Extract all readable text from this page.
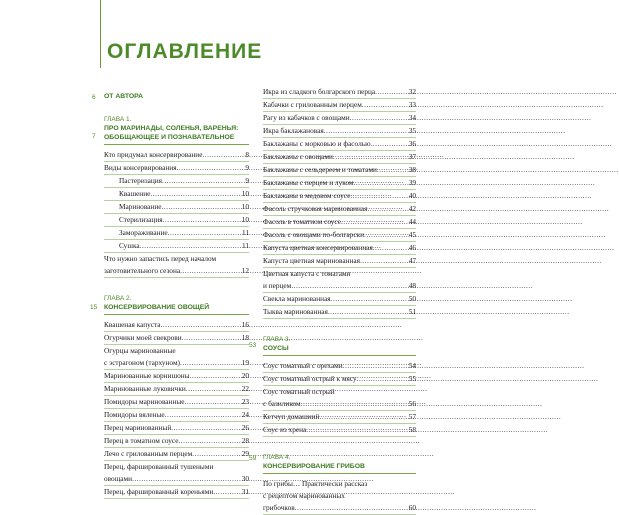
ОГЛАВЛЕНИЕ
6 ОТ АВТОРА
7
ГЛАВА 1.
ПРО МАРИНАДЫ, СОЛЕНЬЯ, ВАРЕНЬЯ:
ОБОБЩАЮЩЕЕ И ПОЗНАВАТЕЛЬНОЕ
Кто придумал консервирование .....	8
Виды консервирования .....	9
Пастеризация .....	9
Квашение .....	10
Маринование .....	10
Стерилизация .....	10
Замораживание .....	11
Сушка .....	11
Что нужно запастись перед началом
заготовительного сезона .....	12
15
ГЛАВА 2.
КОНСЕРВИРОВАНИЕ ОВОЩЕЙ
Квашеная капуста .....	16
Огурчики моей свекрови .....	18
Огурцы маринованные
с эстрагоном (тархуном) .....	19
Маринованные корнишоны .....	20
Маринованные луковички .....	22
Помидоры маринованные .....	23
Помидоры вяленые .....	24
Перец маринованный .....	26
Перец в томатном соусе .....	28
Лечо с грилованным перцем .....	29
Перец, фаршированный тушеными
овощами .....	30
Перец, фаршированный кореньями .....	31
Икра из сладкого болгарского перца .....	32
Кабачки с грилованным перцем .....	33
Рагу из кабачков с овощами .....	34
Икра баклажановая .....	35
Баклажаны с морковью и фасолью .....	36
Баклажаны с овощами .....	37
Баклажаны с сельдереем и томатами .....	38
Баклажаны с перцем и луком .....	39
Баклажаны в медовом соусе .....	40
Фасоль стручковая маринованная .....	42
Фасоль в томатном соусе .....	44
Фасоль с овощами по-болгарски .....	45
Капуста цветная консервированная .....	46
Капуста цветная маринованная .....	47
Цветная капуста с томатами
и перцем .....	48
Свекла маринованная .....	50
Тыква маринованная .....	51
53
ГЛАВА 3.
СОУСЫ
Соус томатный с орехами .....	54
Соус томатный острый к мясу .....	55
Соус томатный острый
с базиликом .....	56
Кетчуп домашний .....	57
Соус из хрена .....	58
59 ГЛАВА 4.
КОНСЕРВИРОВАНИЕ ГРИБОВ
По грибы… Практически рассказ
с рецептом маринованных
грибочков .....	60
